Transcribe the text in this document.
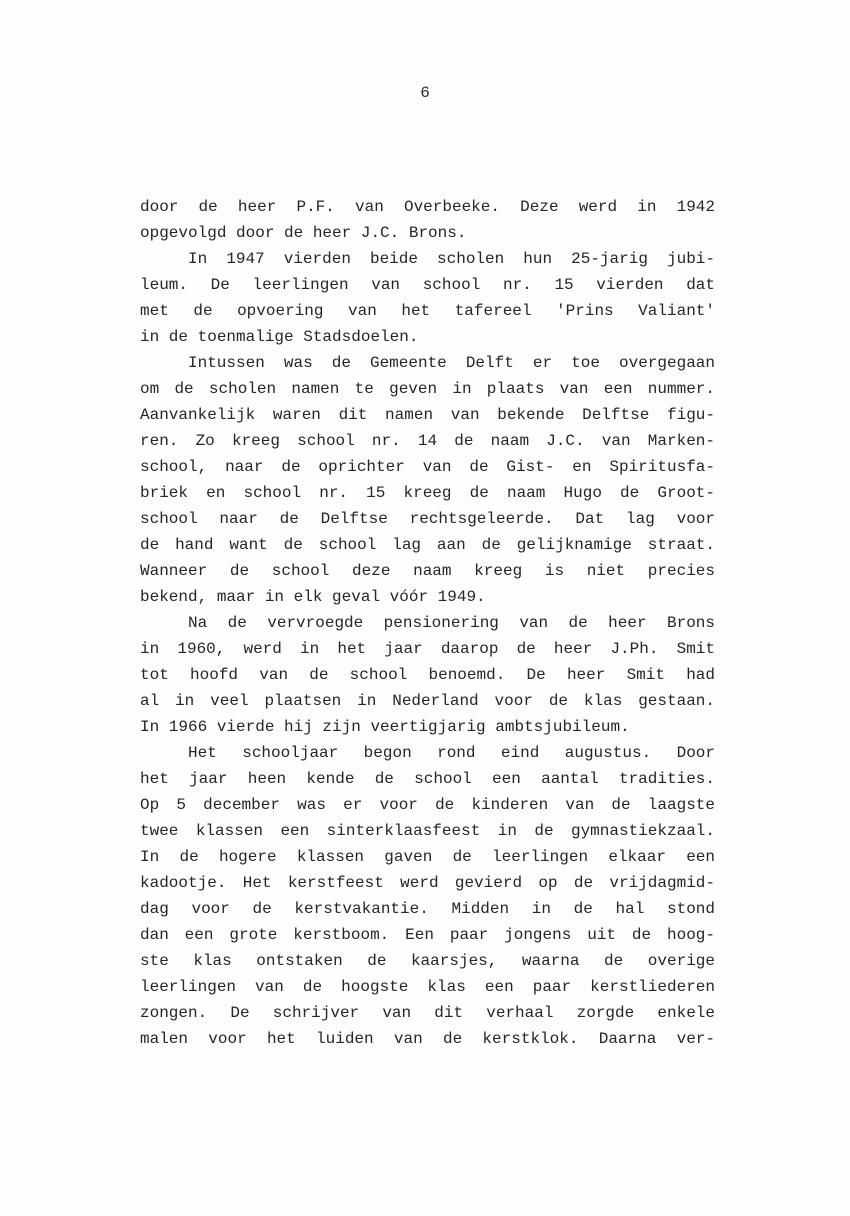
6
door de heer P.F. van Overbeeke. Deze werd in 1942
opgevolgd door de heer J.C. Brons.
In 1947 vierden beide scholen hun 25-jarig jubi-
leum. De leerlingen van school nr. 15 vierden dat
met de opvoering van het tafereel 'Prins Valiant'
in de toenmalige Stadsdoelen.
Intussen was de Gemeente Delft er toe overgegaan
om de scholen namen te geven in plaats van een nummer.
Aanvankelijk waren dit namen van bekende Delftse figu-
ren. Zo kreeg school nr. 14 de naam J.C. van Marken-
school, naar de oprichter van de Gist- en Spiritusfa-
briek en school nr. 15 kreeg de naam Hugo de Groot-
school naar de Delftse rechtsgeleerde. Dat lag voor
de hand want de school lag aan de gelijknamige straat.
Wanneer de school deze naam kreeg is niet precies
bekend, maar in elk geval vóór 1949.
Na de vervroegde pensionering van de heer Brons
in 1960, werd in het jaar daarop de heer J.Ph. Smit
tot hoofd van de school benoemd. De heer Smit had
al in veel plaatsen in Nederland voor de klas gestaan.
In 1966 vierde hij zijn veertigjarig ambtsjubileum.
Het schooljaar begon rond eind augustus. Door
het jaar heen kende de school een aantal tradities.
Op 5 december was er voor de kinderen van de laagste
twee klassen een sinterklaasfeest in de gymnastiekzaal.
In de hogere klassen gaven de leerlingen elkaar een
kadootje. Het kerstfeest werd gevierd op de vrijdagmid-
dag voor de kerstvakantie. Midden in de hal stond
dan een grote kerstboom. Een paar jongens uit de hoog-
ste klas ontstaken de kaarsjes, waarna de overige
leerlingen van de hoogste klas een paar kerstliederen
zongen. De schrijver van dit verhaal zorgde enkele
malen voor het luiden van de kerstklok. Daarna ver-
